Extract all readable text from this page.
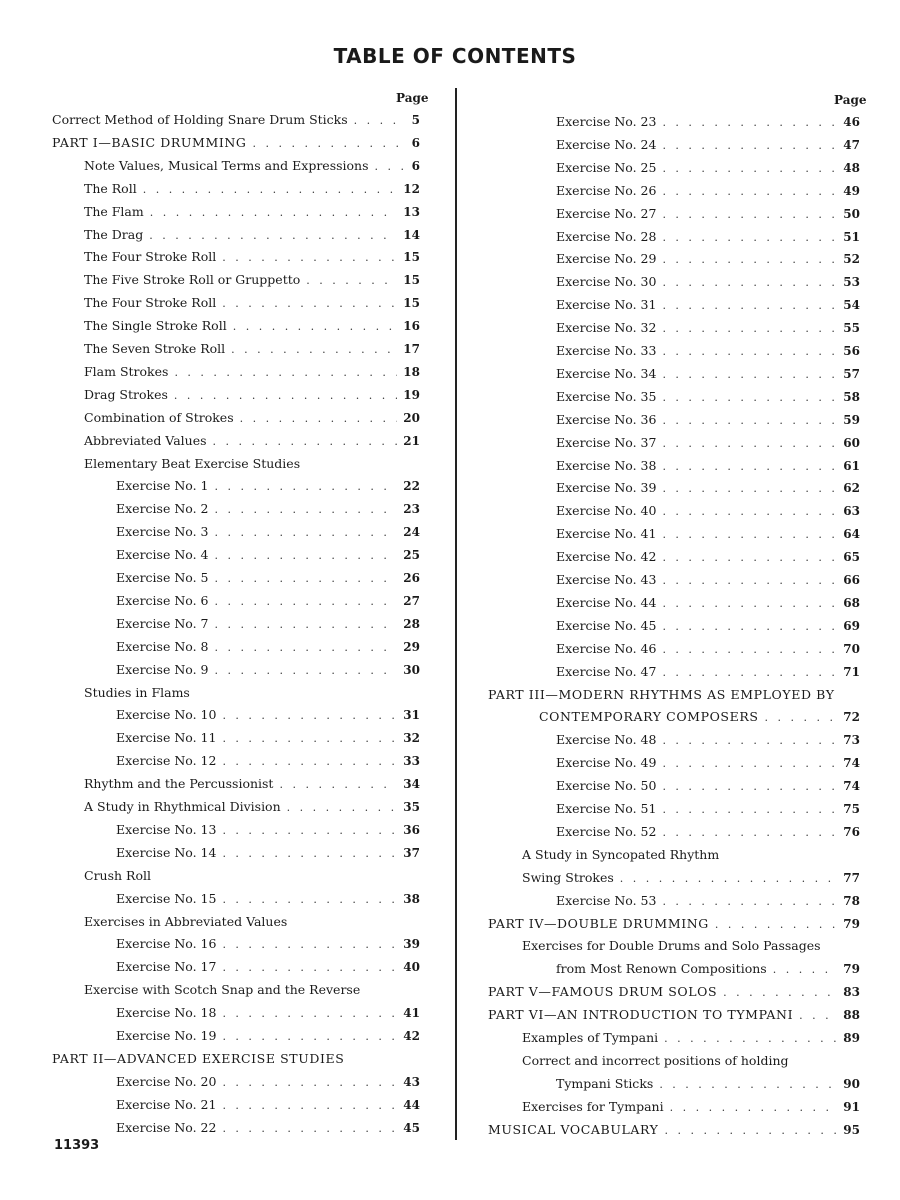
TABLE OF CONTENTS
Page	Page
Correct Method of Holding Snare Drum Sticks . . .	5
PART I—BASIC DRUMMING . . .	6
Note Values, Musical Terms and Expressions . . .	6
The Roll . . .	12
The Flam . . .	13
The Drag . . .	14
The Four Stroke Roll . . .	15
The Five Stroke Roll or Gruppetto . . .	15
The Four Stroke Roll . . .	15
The Single Stroke Roll . . .	16
The Seven Stroke Roll . . .	17
Flam Strokes . . .	18
Drag Strokes . . .	19
Combination of Strokes . . .	20
Abbreviated Values . . .	21
Elementary Beat Exercise Studies
Exercise No. 1 . . .	22
Exercise No. 2 . . .	23
Exercise No. 3 . . .	24
Exercise No. 4 . . .	25
Exercise No. 5 . . .	26
Exercise No. 6 . . .	27
Exercise No. 7 . . .	28
Exercise No. 8 . . .	29
Exercise No. 9 . . .	30
Studies in Flams
Exercise No. 10 . . .	31
Exercise No. 11 . . .	32
Exercise No. 12 . . .	33
Rhythm and the Percussionist . . .	34
A Study in Rhythmical Division . . .	35
Exercise No. 13 . . .	36
Exercise No. 14 . . .	37
Crush Roll
Exercise No. 15 . . .	38
Exercises in Abbreviated Values
Exercise No. 16 . . .	39
Exercise No. 17 . . .	40
Exercise with Scotch Snap and the Reverse
Exercise No. 18 . . .	41
Exercise No. 19 . . .	42
PART II—ADVANCED EXERCISE STUDIES
Exercise No. 20 . . .	43
Exercise No. 21 . . .	44
Exercise No. 22 . . .	45
Exercise No. 23 . . .	46
Exercise No. 24 . . .	47
Exercise No. 25 . . .	48
Exercise No. 26 . . .	49
Exercise No. 27 . . .	50
Exercise No. 28 . . .	51
Exercise No. 29 . . .	52
Exercise No. 30 . . .	53
Exercise No. 31 . . .	54
Exercise No. 32 . . .	55
Exercise No. 33 . . .	56
Exercise No. 34 . . .	57
Exercise No. 35 . . .	58
Exercise No. 36 . . .	59
Exercise No. 37 . . .	60
Exercise No. 38 . . .	61
Exercise No. 39 . . .	62
Exercise No. 40 . . .	63
Exercise No. 41 . . .	64
Exercise No. 42 . . .	65
Exercise No. 43 . . .	66
Exercise No. 44 . . .	68
Exercise No. 45 . . .	69
Exercise No. 46 . . .	70
Exercise No. 47 . . .	71
PART III—MODERN RHYTHMS AS EMPLOYED BY
CONTEMPORARY COMPOSERS . . .	72
Exercise No. 48 . . .	73
Exercise No. 49 . . .	74
Exercise No. 50 . . .	74
Exercise No. 51 . . .	75
Exercise No. 52 . . .	76
A Study in Syncopated Rhythm
Swing Strokes . . .	77
Exercise No. 53 . . .	78
PART IV—DOUBLE DRUMMING . . .	79
Exercises for Double Drums and Solo Passages
from Most Renown Compositions . . .	79
PART V—FAMOUS DRUM SOLOS . . .	83
PART VI—AN INTRODUCTION TO TYMPANI . . .	88
Examples of Tympani . . .	89
Correct and incorrect positions of holding
Tympani Sticks . . .	90
Exercises for Tympani . . .	91
MUSICAL VOCABULARY . . .	95
11393
